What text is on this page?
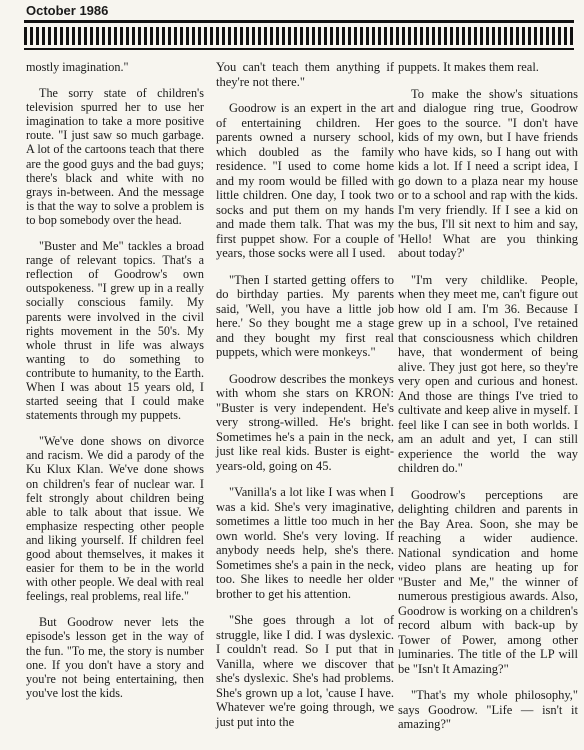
October 1986

mostly imagination."

The sorry state of children's television spurred her to use her imagination to take a more positive route. "I just saw so much garbage. A lot of the cartoons teach that there are the good guys and the bad guys; there's black and white with no grays in-between. And the message is that the way to solve a problem is to bop somebody over the head.

"Buster and Me" tackles a broad range of relevant topics. That's a reflection of Goodrow's own outspokeness. "I grew up in a really socially conscious family. My parents were involved in the civil rights movement in the 50's. My whole thrust in life was always wanting to do something to contribute to humanity, to the Earth. When I was about 15 years old, I started seeing that I could make statements through my puppets.

"We've done shows on divorce and racism. We did a parody of the Ku Klux Klan. We've done shows on children's fear of nuclear war. I felt strongly about children being able to talk about that issue. We emphasize respecting other people and liking yourself. If children feel good about themselves, it makes it easier for them to be in the world with other people. We deal with real feelings, real problems, real life."

But Goodrow never lets the episode's lesson get in the way of the fun. "To me, the story is number one. If you don't have a story and you're not being entertaining, then you've lost the kids.

You can't teach them anything if they're not there."

Goodrow is an expert in the art of entertaining children. Her parents owned a nursery school, which doubled as the family residence. "I used to come home and my room would be filled with little children. One day, I took two socks and put them on my hands and made them talk. That was my first puppet show. For a couple of years, those socks were all I used.

"Then I started getting offers to do birthday parties. My parents said, 'Well, you have a little job here.' So they bought me a stage and they bought my first real puppets, which were monkeys."

Goodrow describes the monkeys with whom she stars on KRON: "Buster is very independent. He's very strong-willed. He's bright. Sometimes he's a pain in the neck, just like real kids. Buster is eight-years-old, going on 45.

"Vanilla's a lot like I was when I was a kid. She's very imaginative, sometimes a little too much in her own world. She's very loving. If anybody needs help, she's there. Sometimes she's a pain in the neck, too. She likes to needle her older brother to get his attention.

"She goes through a lot of struggle, like I did. I was dyslexic. I couldn't read. So I put that in Vanilla, where we discover that she's dyslexic. She's had problems. She's grown up a lot, 'cause I have. Whatever we're going through, we just put into the

puppets. It makes them real.

To make the show's situations and dialogue ring true, Goodrow goes to the source. "I don't have kids of my own, but I have friends who have kids, so I hang out with kids a lot. If I need a script idea, I go down to a plaza near my house or to a school and rap with the kids. I'm very friendly. If I see a kid on the bus, I'll sit next to him and say, 'Hello! What are you thinking about today?'

"I'm very childlike. People, when they meet me, can't figure out how old I am. I'm 36. Because I grew up in a school, I've retained that consciousness which children have, that wonderment of being alive. They just got here, so they're very open and curious and honest. And those are things I've tried to cultivate and keep alive in myself. I feel like I can see in both worlds. I am an adult and yet, I can still experience the world the way children do."

Goodrow's perceptions are delighting children and parents in the Bay Area. Soon, she may be reaching a wider audience. National syndication and home video plans are heating up for "Buster and Me," the winner of numerous prestigious awards. Also, Goodrow is working on a children's record album with back-up by Tower of Power, among other luminaries. The title of the LP will be "Isn't It Amazing?"

"That's my whole philosophy," says Goodrow. "Life — isn't it amazing?"
